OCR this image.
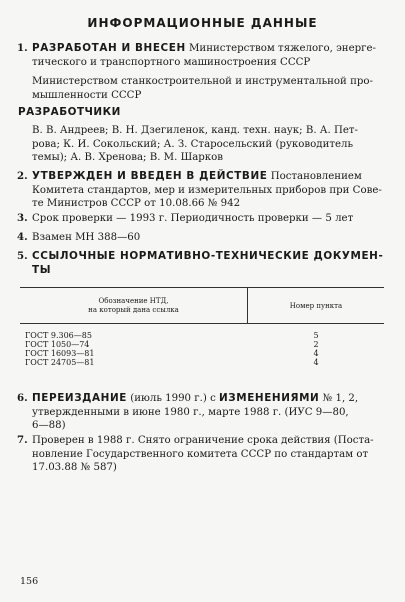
ИНФОРМАЦИОННЫЕ ДАННЫЕ
1. РАЗРАБОТАН И ВНЕСЕН Министерством тяжелого, энерге-
тического и транспортного машиностроения СССР
Министерством станкостроительной и инструментальной про-
мышленности СССР
РАЗРАБОТЧИКИ
В. В. Андреев; В. Н. Дзегиленок, канд. техн. наук; В. А. Пет-
рова; К. И. Сокольский; А. З. Старосельский (руководитель
темы); А. В. Хренова; В. М. Шарков
2. УТВЕРЖДЕН И ВВЕДЕН В ДЕЙСТВИЕ Постановлением
Комитета стандартов, мер и измерительных приборов при Сове-
те Министров СССР от 10.08.66 № 942
3. Срок проверки — 1993 г. Периодичность проверки — 5 лет
4. Взамен МН 388—60
5. ССЫЛОЧНЫЕ НОРМАТИВНО-ТЕХНИЧЕСКИЕ ДОКУМЕН-
ТЫ
Обозначение НТД,
на который дана ссылка	Номер пункта
ГОСТ 9.306—85	5
ГОСТ 1050—74	2
ГОСТ 16093—81	4
ГОСТ 24705—81	4
6. ПЕРЕИЗДАНИЕ (июль 1990 г.) с ИЗМЕНЕНИЯМИ № 1, 2,
утвержденными в июне 1980 г., марте 1988 г. (ИУС 9—80,
6—88)
7. Проверен в 1988 г. Снято ограничение срока действия (Поста-
новление Государственного комитета СССР по стандартам от
17.03.88 № 587)
156
